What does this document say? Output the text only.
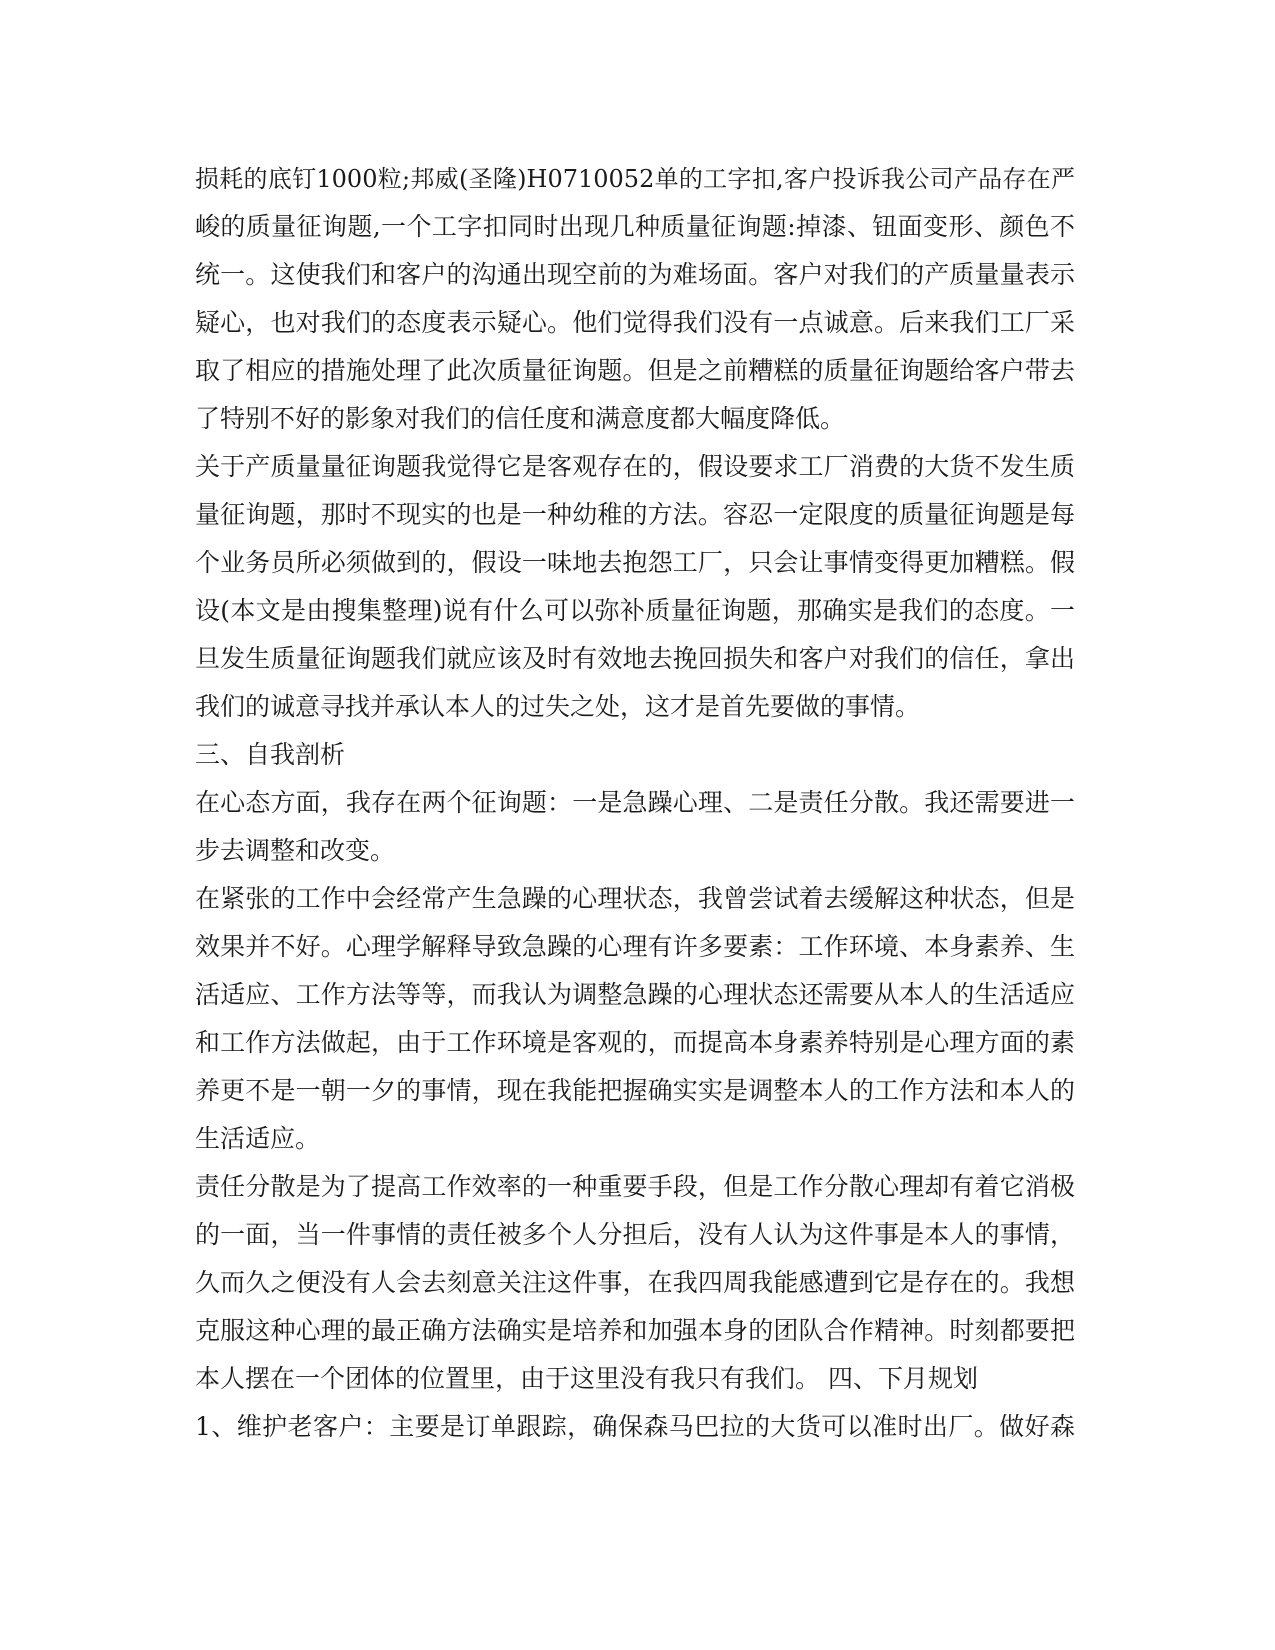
损耗的底钉1000粒;邦威(圣隆)H0710052单的工字扣,客户投诉我公司产品存在严
峻的质量征询题,一个工字扣同时出现几种质量征询题:掉漆、钮面变形、颜色不
统一。这使我们和客户的沟通出现空前的为难场面。客户对我们的产质量量表示
疑心，也对我们的态度表示疑心。他们觉得我们没有一点诚意。后来我们工厂采
取了相应的措施处理了此次质量征询题。但是之前糟糕的质量征询题给客户带去
了特别不好的影象对我们的信任度和满意度都大幅度降低。
关于产质量量征询题我觉得它是客观存在的，假设要求工厂消费的大货不发生质
量征询题，那时不现实的也是一种幼稚的方法。容忍一定限度的质量征询题是每
个业务员所必须做到的，假设一味地去抱怨工厂，只会让事情变得更加糟糕。假
设(本文是由搜集整理)说有什么可以弥补质量征询题，那确实是我们的态度。一
旦发生质量征询题我们就应该及时有效地去挽回损失和客户对我们的信任，拿出
我们的诚意寻找并承认本人的过失之处，这才是首先要做的事情。
三、自我剖析
在心态方面，我存在两个征询题：一是急躁心理、二是责任分散。我还需要进一
步去调整和改变。
在紧张的工作中会经常产生急躁的心理状态，我曾尝试着去缓解这种状态，但是
效果并不好。心理学解释导致急躁的心理有许多要素：工作环境、本身素养、生
活适应、工作方法等等，而我认为调整急躁的心理状态还需要从本人的生活适应
和工作方法做起，由于工作环境是客观的，而提高本身素养特别是心理方面的素
养更不是一朝一夕的事情，现在我能把握确实实是调整本人的工作方法和本人的
生活适应。
责任分散是为了提高工作效率的一种重要手段，但是工作分散心理却有着它消极
的一面，当一件事情的责任被多个人分担后，没有人认为这件事是本人的事情，
久而久之便没有人会去刻意关注这件事，在我四周我能感遭到它是存在的。我想
克服这种心理的最正确方法确实是培养和加强本身的团队合作精神。时刻都要把
本人摆在一个团体的位置里，由于这里没有我只有我们。 四、下月规划
1、维护老客户：主要是订单跟踪，确保森马巴拉的大货可以准时出厂。做好森
